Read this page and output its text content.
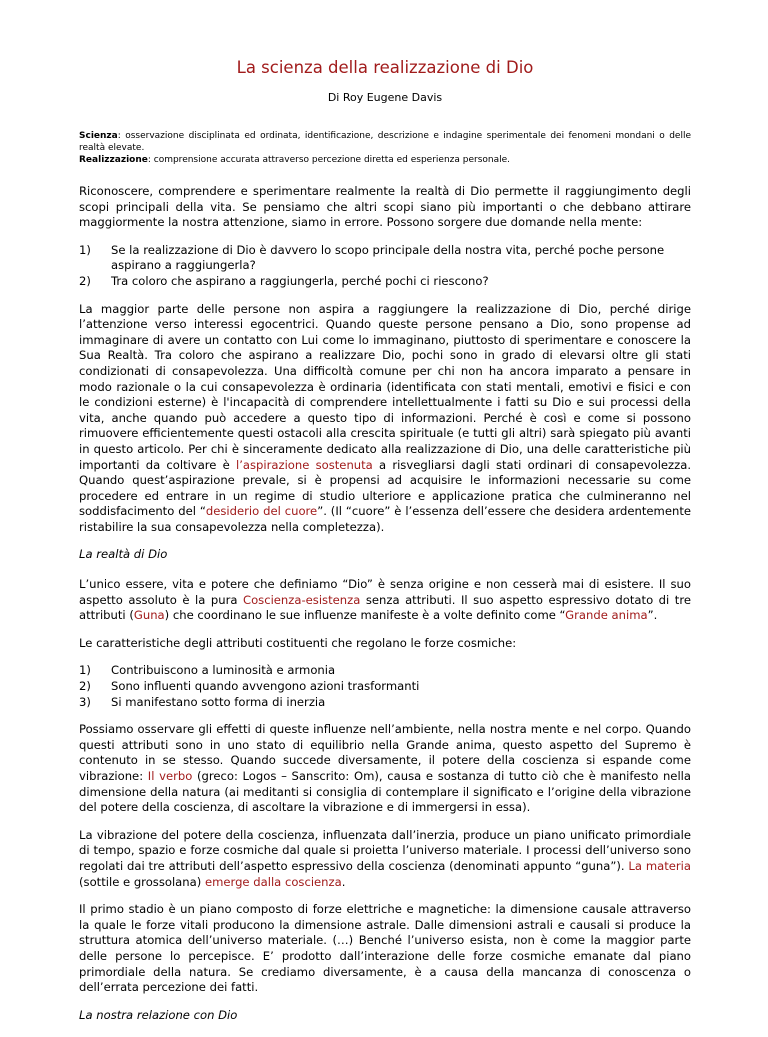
La scienza della realizzazione di Dio
Di Roy Eugene Davis
Scienza: osservazione disciplinata ed ordinata, identificazione, descrizione e indagine sperimentale dei fenomeni mondani o delle realtà elevate.
Realizzazione: comprensione accurata attraverso percezione diretta ed esperienza personale.

Riconoscere, comprendere e sperimentare realmente la realtà di Dio permette il raggiungimento degli scopi principali della vita. Se pensiamo che altri scopi siano più importanti o che debbano attirare maggiormente la nostra attenzione, siamo in errore. Possono sorgere due domande nella mente:

1)	Se la realizzazione di Dio è davvero lo scopo principale della nostra vita, perché poche persone aspirano a raggiungerla?
2)	Tra coloro che aspirano a raggiungerla, perché pochi ci riescono?

La maggior parte delle persone non aspira a raggiungere la realizzazione di Dio, perché dirige l’attenzione verso interessi egocentrici. Quando queste persone pensano a Dio, sono propense ad immaginare di avere un contatto con Lui come lo immaginano, piuttosto di sperimentare e conoscere la Sua Realtà. Tra coloro che aspirano a realizzare Dio, pochi sono in grado di elevarsi oltre gli stati condizionati di consapevolezza. Una difficoltà comune per chi non ha ancora imparato a pensare in modo razionale o la cui consapevolezza è ordinaria (identificata con stati mentali, emotivi e fisici e con le condizioni esterne) è l'incapacità di comprendere intellettualmente i fatti su Dio e sui processi della vita, anche quando può accedere a questo tipo di informazioni. Perché è così e come si possono rimuovere efficientemente questi ostacoli alla crescita spirituale (e tutti gli altri) sarà spiegato più avanti in questo articolo. Per chi è sinceramente dedicato alla realizzazione di Dio, una delle caratteristiche più importanti da coltivare è l’aspirazione sostenuta a risvegliarsi dagli stati ordinari di consapevolezza. Quando quest’aspirazione prevale, si è propensi ad acquisire le informazioni necessarie su come procedere ed entrare in un regime di studio ulteriore e applicazione pratica che culmineranno nel soddisfacimento del “desiderio del cuore”. (Il “cuore” è l’essenza dell’essere che desidera ardentemente ristabilire la sua consapevolezza nella completezza).

La realtà di Dio

L’unico essere, vita e potere che definiamo “Dio” è senza origine e non cesserà mai di esistere. Il suo aspetto assoluto è la pura Coscienza-esistenza senza attributi. Il suo aspetto espressivo dotato di tre attributi (Guna) che coordinano le sue influenze manifeste è a volte definito come “Grande anima”.

Le caratteristiche degli attributi costituenti che regolano le forze cosmiche:

1)	Contribuiscono a luminosità e armonia
2)	Sono influenti quando avvengono azioni trasformanti
3)	Si manifestano sotto forma di inerzia

Possiamo osservare gli effetti di queste influenze nell’ambiente, nella nostra mente e nel corpo. Quando questi attributi sono in uno stato di equilibrio nella Grande anima, questo aspetto del Supremo è contenuto in se stesso. Quando succede diversamente, il potere della coscienza si espande come vibrazione: Il verbo (greco: Logos – Sanscrito: Om), causa e sostanza di tutto ciò che è manifesto nella dimensione della natura (ai meditanti si consiglia di contemplare il significato e l’origine della vibrazione del potere della coscienza, di ascoltare la vibrazione e di immergersi in essa).

La vibrazione del potere della coscienza, influenzata dall’inerzia, produce un piano unificato primordiale di tempo, spazio e forze cosmiche dal quale si proietta l’universo materiale. I processi dell’universo sono regolati dai tre attributi dell’aspetto espressivo della coscienza (denominati appunto “guna”). La materia (sottile e grossolana) emerge dalla coscienza.

Il primo stadio è un piano composto di forze elettriche e magnetiche: la dimensione causale attraverso la quale le forze vitali producono la dimensione astrale. Dalle dimensioni astrali e causali si produce la struttura atomica dell’universo materiale. (…) Benché l’universo esista, non è come la maggior parte delle persone lo percepisce. E’ prodotto dall’interazione delle forze cosmiche emanate dal piano primordiale della natura. Se crediamo diversamente, è a causa della mancanza di conoscenza o dell’errata percezione dei fatti.

La nostra relazione con Dio
